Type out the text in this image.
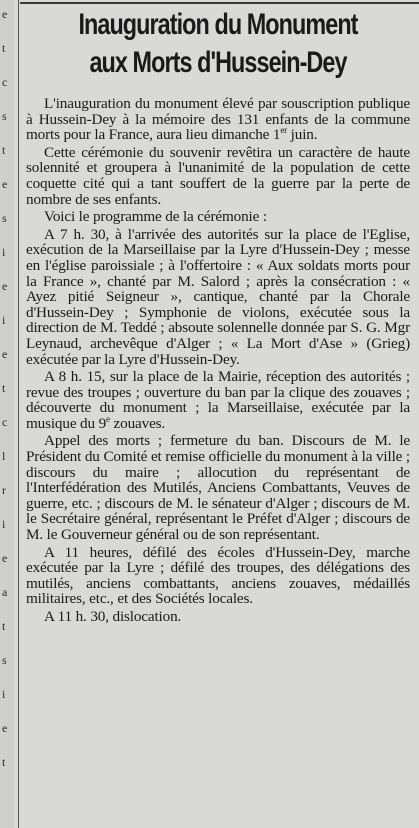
e
t
c
s
t
e
s
i
e
i
e
t
c
l
r
i
e
a
t
s
i
e
t
Inauguration du Monument
aux Morts d'Hussein-Dey

L'inauguration du monument élevé par souscription publique à Hussein-Dey à la mémoire des 131 enfants de la commune morts pour la France, aura lieu dimanche 1er juin.

Cette cérémonie du souvenir revêtira un caractère de haute solennité et groupera à l'unanimité de la population de cette coquette cité qui a tant souffert de la guerre par la perte de nombre de ses enfants.

Voici le programme de la cérémonie :

A 7 h. 30, à l'arrivée des autorités sur la place de l'Eglise, exécution de la Marseillaise par la Lyre d'Hussein-Dey ; messe en l'église paroissiale ; à l'offertoire : « Aux soldats morts pour la France », chanté par M. Salord ; après la consécration : « Ayez pitié Seigneur », cantique, chanté par la Chorale d'Hussein-Dey ; Symphonie de violons, exécutée sous la direction de M. Teddé ; absoute solennelle donnée par S. G. Mgr Leynaud, archevêque d'Alger ; « La Mort d'Ase » (Grieg) exécutée par la Lyre d'Hussein-Dey.

A 8 h. 15, sur la place de la Mairie, réception des autorités ; revue des troupes ; ouverture du ban par la clique des zouaves ; découverte du monument ; la Marseillaise, exécutée par la musique du 9e zouaves.

Appel des morts ; fermeture du ban. Discours de M. le Président du Comité et remise officielle du monument à la ville ; discours du maire ; allocution du représentant de l'Interfédération des Mutilés, Anciens Combattants, Veuves de guerre, etc. ; discours de M. le sénateur d'Alger ; discours de M. le Secrétaire général, représentant le Préfet d'Alger ; discours de M. le Gouverneur général ou de son représentant.

A 11 heures, défilé des écoles d'Hussein-Dey, marche exécutée par la Lyre ; défilé des troupes, des délégations des mutilés, anciens combattants, anciens zouaves, médaillés militaires, etc., et des Sociétés locales.

A 11 h. 30, dislocation.
